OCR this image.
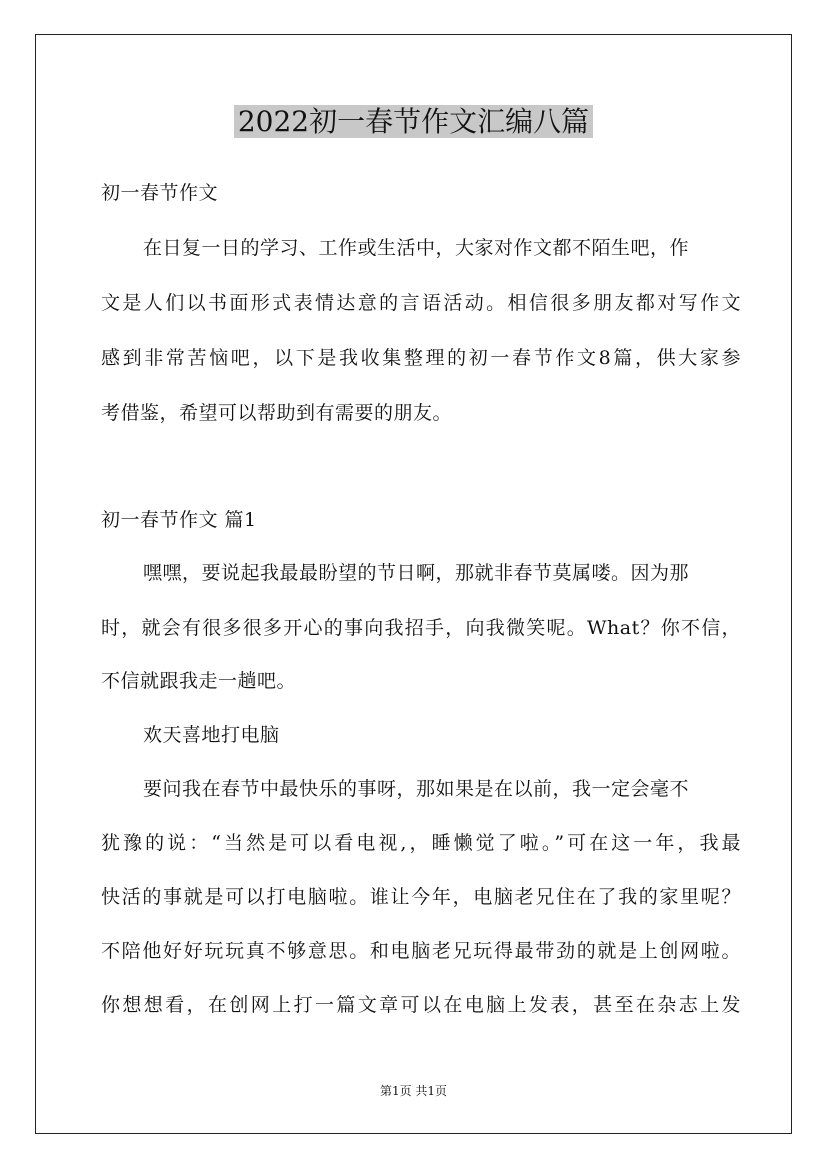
2022初一春节作文汇编八篇
初一春节作文
在日复一日的学习、工作或生活中，大家对作文都不陌生吧，作
文是人们以书面形式表情达意的言语活动。相信很多朋友都对写作文
感到非常苦恼吧，以下是我收集整理的初一春节作文8篇，供大家参
考借鉴，希望可以帮助到有需要的朋友。
初一春节作文 篇1
嘿嘿，要说起我最最盼望的节日啊，那就非春节莫属喽。因为那
时，就会有很多很多开心的事向我招手，向我微笑呢。What？你不信，
不信就跟我走一趟吧。
欢天喜地打电脑
要问我在春节中最快乐的事呀，那如果是在以前，我一定会毫不
犹豫的说：“当然是可以看电视,，睡懒觉了啦。”可在这一年，我最
快活的事就是可以打电脑啦。谁让今年，电脑老兄住在了我的家里呢？
不陪他好好玩玩真不够意思。和电脑老兄玩得最带劲的就是上创网啦。
你想想看，在创网上打一篇文章可以在电脑上发表，甚至在杂志上发
第1页 共1页
